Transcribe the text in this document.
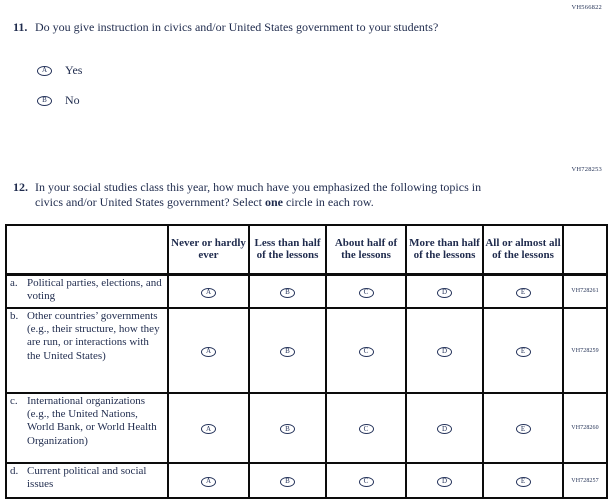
VH566822
11. Do you give instruction in civics and/or United States government to your students?
A	Yes
B	No
VH728253
12. In your social studies class this year, how much have you emphasized the following topics in civics and/or United States government? Select one circle in each row.
	Never or hardly ever	Less than half of the lessons	About half of the lessons	More than half of the lessons	All or almost all of the lessons	

a. Political parties, elections, and voting	A	B	C	D	E	VH728261

b. Other countries’ governments (e.g., their structure, how they are run, or interactions with the United States)	A	B	C	D	E	VH728259

c. International organizations (e.g., the United Nations, World Bank, or World Health Organization)	A	B	C	D	E	VH728260

d. Current political and social issues	A	B	C	D	E	VH728257
